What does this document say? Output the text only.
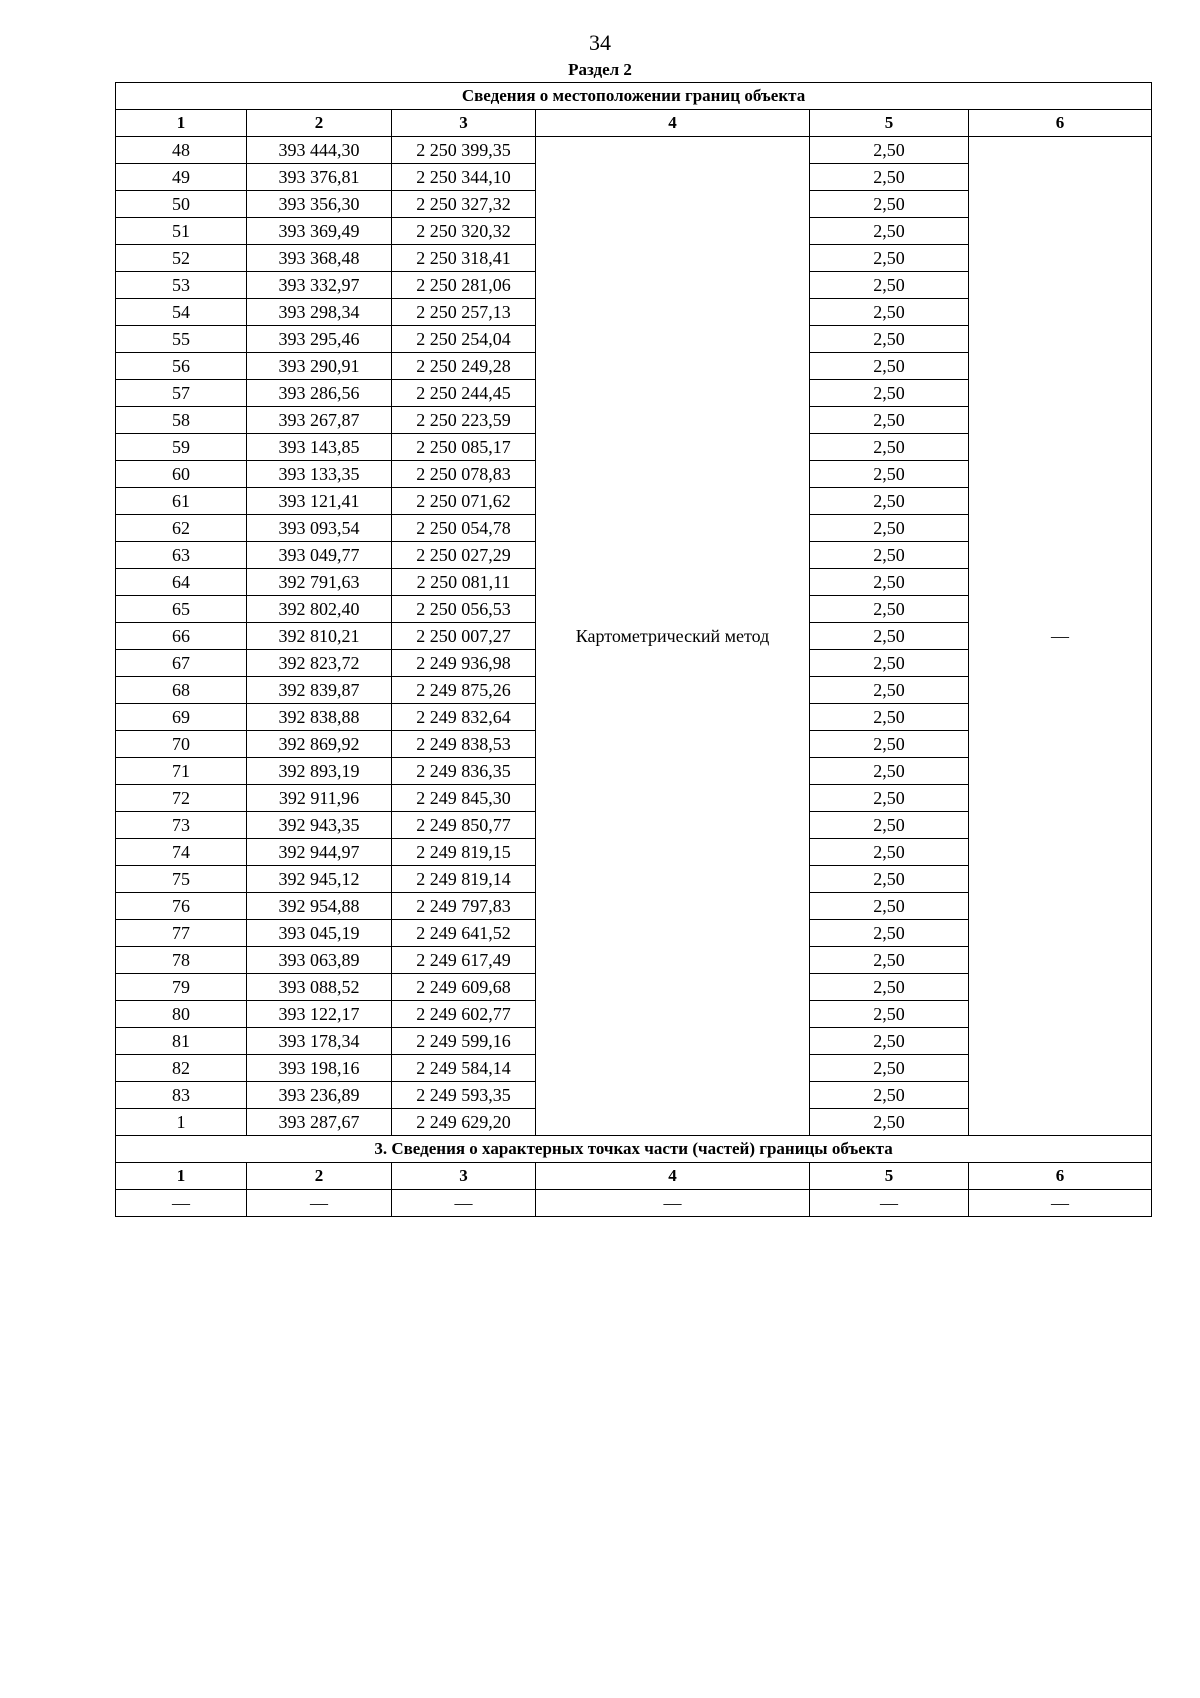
34
Раздел 2
Сведения о местоположении границ объекта					
1	2	3	4	5	6
48	393 444,30	2 250 399,35	Картометрический метод	2,50	—
49	393 376,81	2 250 344,10		2,50	
50	393 356,30	2 250 327,32		2,50	
51	393 369,49	2 250 320,32		2,50	
52	393 368,48	2 250 318,41		2,50	
53	393 332,97	2 250 281,06		2,50	
54	393 298,34	2 250 257,13		2,50	
55	393 295,46	2 250 254,04		2,50	
56	393 290,91	2 250 249,28		2,50	
57	393 286,56	2 250 244,45		2,50	
58	393 267,87	2 250 223,59		2,50	
59	393 143,85	2 250 085,17		2,50	
60	393 133,35	2 250 078,83		2,50	
61	393 121,41	2 250 071,62		2,50	
62	393 093,54	2 250 054,78		2,50	
63	393 049,77	2 250 027,29		2,50	
64	392 791,63	2 250 081,11		2,50	
65	392 802,40	2 250 056,53		2,50	
66	392 810,21	2 250 007,27		2,50	
67	392 823,72	2 249 936,98		2,50	
68	392 839,87	2 249 875,26		2,50	
69	392 838,88	2 249 832,64		2,50	
70	392 869,92	2 249 838,53		2,50	
71	392 893,19	2 249 836,35		2,50	
72	392 911,96	2 249 845,30		2,50	
73	392 943,35	2 249 850,77		2,50	
74	392 944,97	2 249 819,15		2,50	
75	392 945,12	2 249 819,14		2,50	
76	392 954,88	2 249 797,83		2,50	
77	393 045,19	2 249 641,52		2,50	
78	393 063,89	2 249 617,49		2,50	
79	393 088,52	2 249 609,68		2,50	
80	393 122,17	2 249 602,77		2,50	
81	393 178,34	2 249 599,16		2,50	
82	393 198,16	2 249 584,14		2,50	
83	393 236,89	2 249 593,35		2,50	
1	393 287,67	2 249 629,20		2,50	
3. Сведения о характерных точках части (частей) границы объекта					
1	2	3	4	5	6
—	—	—	—	—	—
